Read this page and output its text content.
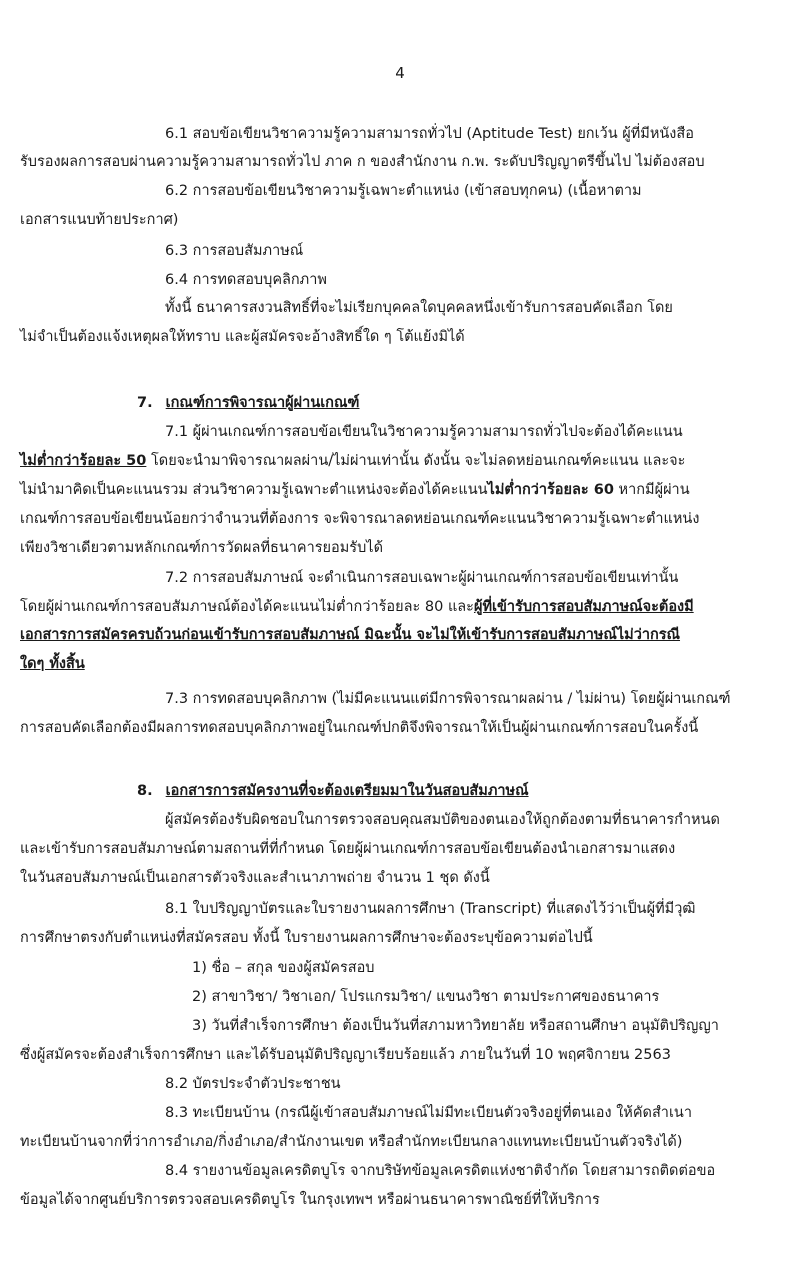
4
6.1 สอบข้อเขียนวิชาความรู้ความสามารถทั่วไป (Aptitude Test) ยกเว้น ผู้ที่มีหนังสือ
รับรองผลการสอบผ่านความรู้ความสามารถทั่วไป ภาค ก ของสำนักงาน ก.พ. ระดับปริญญาตรีขึ้นไป ไม่ต้องสอบ
6.2 การสอบข้อเขียนวิชาความรู้เฉพาะตำแหน่ง (เข้าสอบทุกคน) (เนื้อหาตาม
เอกสารแนบท้ายประกาศ)
6.3 การสอบสัมภาษณ์
6.4 การทดสอบบุคลิกภาพ
ทั้งนี้ ธนาคารสงวนสิทธิ์ที่จะไม่เรียกบุคคลใดบุคคลหนึ่งเข้ารับการสอบคัดเลือก โดย
ไม่จำเป็นต้องแจ้งเหตุผลให้ทราบ และผู้สมัครจะอ้างสิทธิ์ใด ๆ โต้แย้งมิได้
7. เกณฑ์การพิจารณาผู้ผ่านเกณฑ์
7.1 ผู้ผ่านเกณฑ์การสอบข้อเขียนในวิชาความรู้ความสามารถทั่วไปจะต้องได้คะแนน
ไม่ต่ำกว่าร้อยละ 50 โดยจะนำมาพิจารณาผลผ่าน/ไม่ผ่านเท่านั้น ดังนั้น จะไม่ลดหย่อนเกณฑ์คะแนน และจะ
ไม่นำมาคิดเป็นคะแนนรวม ส่วนวิชาความรู้เฉพาะตำแหน่งจะต้องได้คะแนนไม่ต่ำกว่าร้อยละ 60 หากมีผู้ผ่าน
เกณฑ์การสอบข้อเขียนน้อยกว่าจำนวนที่ต้องการ จะพิจารณาลดหย่อนเกณฑ์คะแนนวิชาความรู้เฉพาะตำแหน่ง
เพียงวิชาเดียวตามหลักเกณฑ์การวัดผลที่ธนาคารยอมรับได้
7.2 การสอบสัมภาษณ์ จะดำเนินการสอบเฉพาะผู้ผ่านเกณฑ์การสอบข้อเขียนเท่านั้น
โดยผู้ผ่านเกณฑ์การสอบสัมภาษณ์ต้องได้คะแนนไม่ต่ำกว่าร้อยละ 80 และผู้ที่เข้ารับการสอบสัมภาษณ์จะต้องมี
เอกสารการสมัครครบถ้วนก่อนเข้ารับการสอบสัมภาษณ์ มิฉะนั้น จะไม่ให้เข้ารับการสอบสัมภาษณ์ไม่ว่ากรณี
ใดๆ ทั้งสิ้น
7.3 การทดสอบบุคลิกภาพ (ไม่มีคะแนนแต่มีการพิจารณาผลผ่าน / ไม่ผ่าน) โดยผู้ผ่านเกณฑ์
การสอบคัดเลือกต้องมีผลการทดสอบบุคลิกภาพอยู่ในเกณฑ์ปกติจึงพิจารณาให้เป็นผู้ผ่านเกณฑ์การสอบในครั้งนี้
8. เอกสารการสมัครงานที่จะต้องเตรียมมาในวันสอบสัมภาษณ์
ผู้สมัครต้องรับผิดชอบในการตรวจสอบคุณสมบัติของตนเองให้ถูกต้องตามที่ธนาคารกำหนด
และเข้ารับการสอบสัมภาษณ์ตามสถานที่ที่กำหนด โดยผู้ผ่านเกณฑ์การสอบข้อเขียนต้องนำเอกสารมาแสดง
ในวันสอบสัมภาษณ์เป็นเอกสารตัวจริงและสำเนาภาพถ่าย จำนวน 1 ชุด ดังนี้
8.1 ใบปริญญาบัตรและใบรายงานผลการศึกษา (Transcript) ที่แสดงไว้ว่าเป็นผู้ที่มีวุฒิ
การศึกษาตรงกับตำแหน่งที่สมัครสอบ ทั้งนี้ ใบรายงานผลการศึกษาจะต้องระบุข้อความต่อไปนี้
1) ชื่อ – สกุล ของผู้สมัครสอบ
2) สาขาวิชา/ วิชาเอก/ โปรแกรมวิชา/ แขนงวิชา ตามประกาศของธนาคาร
3) วันที่สำเร็จการศึกษา ต้องเป็นวันที่สภามหาวิทยาลัย หรือสถานศึกษา อนุมัติปริญญา
ซึ่งผู้สมัครจะต้องสำเร็จการศึกษา และได้รับอนุมัติปริญญาเรียบร้อยแล้ว ภายในวันที่ 10 พฤศจิกายน 2563
8.2 บัตรประจำตัวประชาชน
8.3 ทะเบียนบ้าน (กรณีผู้เข้าสอบสัมภาษณ์ไม่มีทะเบียนตัวจริงอยู่ที่ตนเอง ให้คัดสำเนา
ทะเบียนบ้านจากที่ว่าการอำเภอ/กิ่งอำเภอ/สำนักงานเขต หรือสำนักทะเบียนกลางแทนทะเบียนบ้านตัวจริงได้)
8.4 รายงานข้อมูลเครดิตบูโร จากบริษัทข้อมูลเครดิตแห่งชาติจำกัด โดยสามารถติดต่อขอ
ข้อมูลได้จากศูนย์บริการตรวจสอบเครดิตบูโร ในกรุงเทพฯ หรือผ่านธนาคารพาณิชย์ที่ให้บริการ
